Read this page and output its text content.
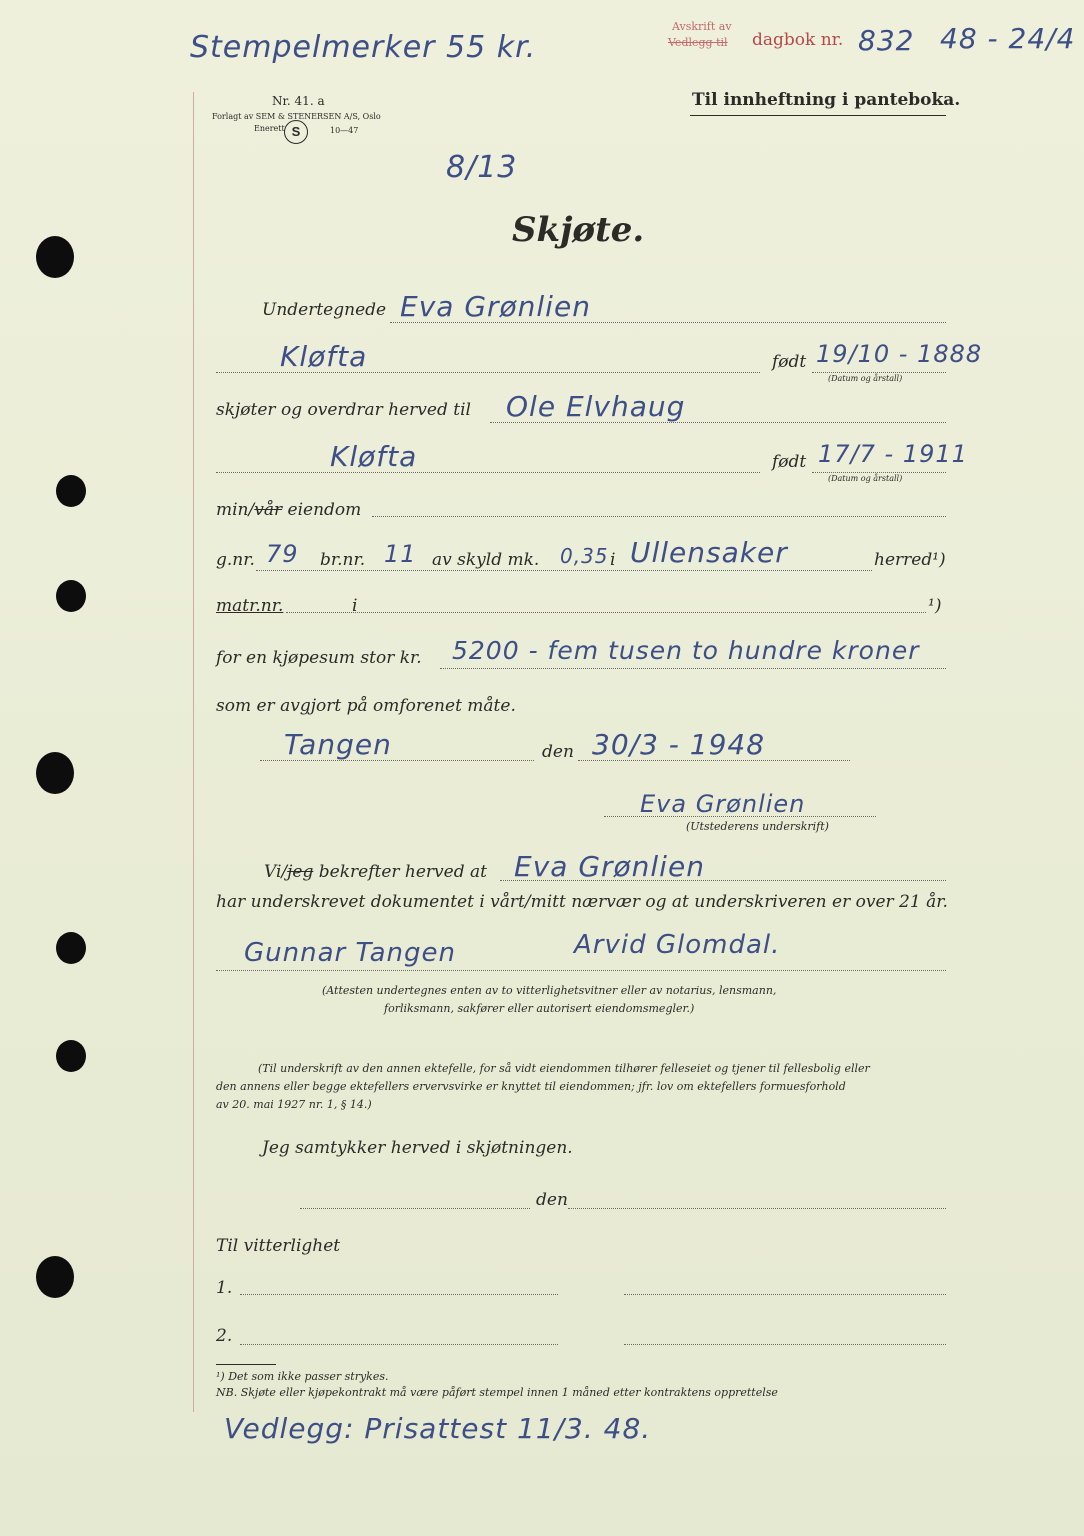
Stempelmerker 55 kr.
Avskrift av
Vedlegg til dagbok nr. 832 48 - 24/4
Nr. 41. a
Forlagt av SEM & STENERSEN A/S, Oslo
Enerett S	10—47
Til innheftning i panteboka.
8/13
Skjøte.
Undertegnede Eva Grønlien
Kløfta	født 19/10 - 1888
(Datum og årstall)
skjøter og overdrar herved til Ole Elvhaug
Kløfta	født 17/7 - 1911
(Datum og årstall)
min/vår eiendom
g.nr. 79 br.nr. 11 av skyld mk. 0,35 i Ullensaker	herred¹)
matr.nr.	i	¹)
for en kjøpesum stor kr. 5200 - fem tusen to hundre kroner
som er avgjort på omforenet måte.
Tangen	den 30/3 - 1948
Eva Grønlien
(Utstederens underskrift)
Vi/jeg bekrefter herved at Eva Grønlien
har underskrevet dokumentet i vårt/mitt nærvær og at underskriveren er over 21 år.
Gunnar Tangen	Arvid Glomdal.
(Attesten undertegnes enten av to vitterlighetsvitner eller av notarius, lensmann,
forliksmann, sakfører eller autorisert eiendomsmegler.)
(Til underskrift av den annen ektefelle, for så vidt eiendommen tilhører felleseiet og tjener til fellesbolig eller
den annens eller begge ektefellers ervervsvirke er knyttet til eiendommen; jfr. lov om ektefellers formuesforhold
av 20. mai 1927 nr. 1, § 14.)
Jeg samtykker herved i skjøtningen.
den
Til vitterlighet
1.
2.
¹) Det som ikke passer strykes.
NB. Skjøte eller kjøpekontrakt må være påført stempel innen 1 måned etter kontraktens opprettelse
Vedlegg: Prisattest 11/3. 48.
